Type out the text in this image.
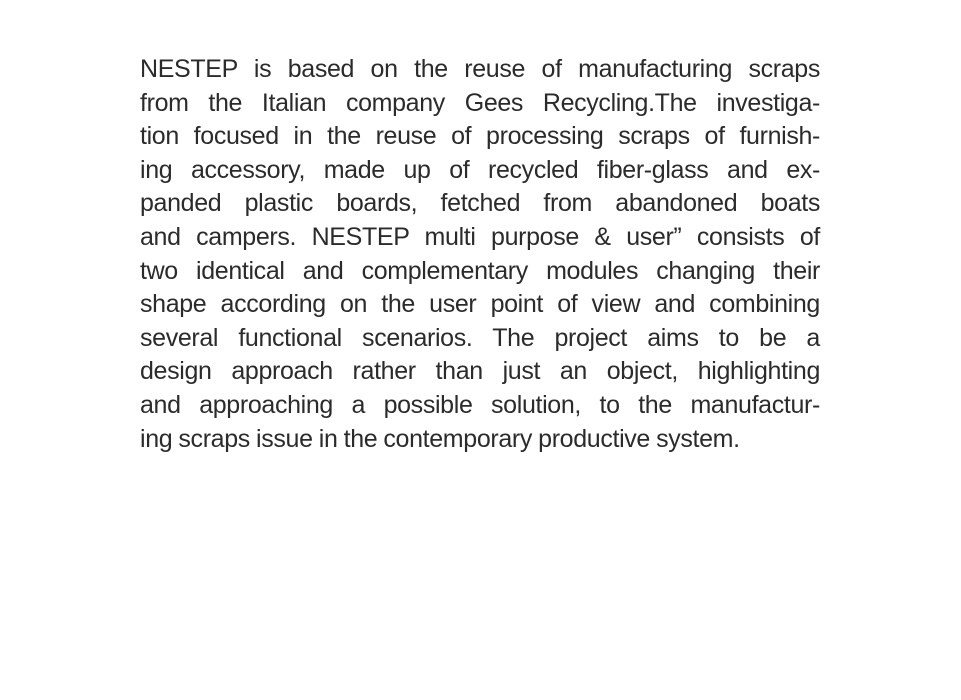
NESTEP is based on the reuse of manufacturing scraps
from the Italian company Gees Recycling.The investiga-
tion focused in the reuse of processing scraps of furnish-
ing accessory, made up of recycled fiber-glass and ex-
panded plastic boards, fetched from abandoned boats
and campers. NESTEP multi purpose & user” consists of
two identical and complementary modules changing their
shape according on the user point of view and combining
several functional scenarios. The project aims to be a
design approach rather than just an object, highlighting
and approaching a possible solution, to the manufactur-
ing scraps issue in the contemporary productive system.
